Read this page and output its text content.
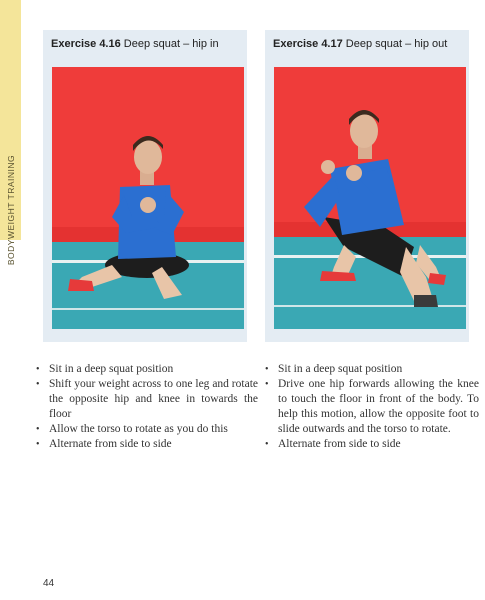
BODYWEIGHT TRAINING
Exercise 4.16 Deep squat – hip in	Exercise 4.17 Deep squat – hip out
• Sit in a deep squat position
• Shift your weight across to one leg and rotate the opposite hip and knee in towards the floor
• Allow the torso to rotate as you do this
• Alternate from side to side
• Sit in a deep squat position
• Drive one hip forwards allowing the knee to touch the floor in front of the body. To help this motion, allow the opposite foot to slide outwards and the torso to rotate.
• Alternate from side to side
44
